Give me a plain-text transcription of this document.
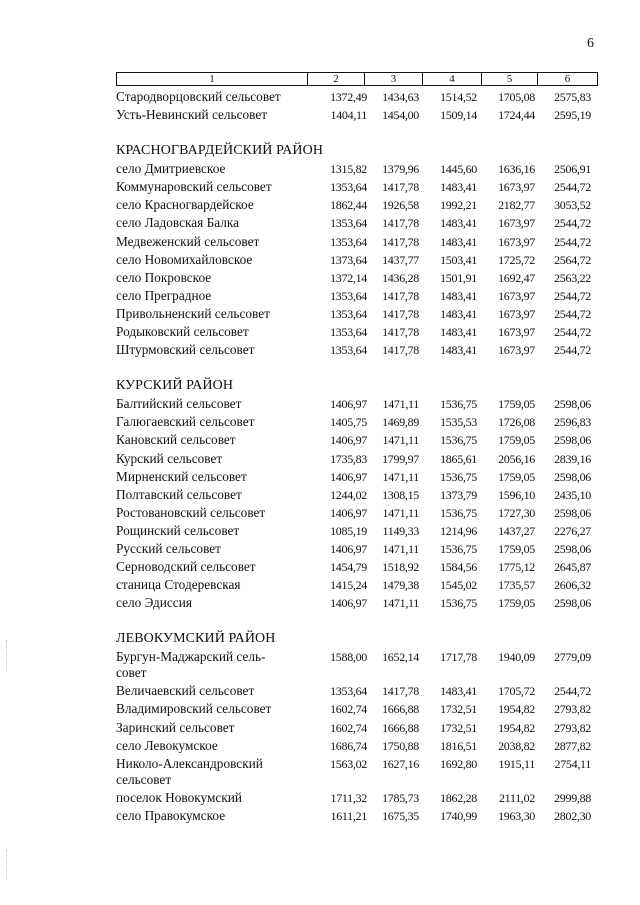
6
1	2	3	4	5	6
Стародворцовский сельсовет	1372,49	1434,63	1514,52	1705,08	2575,83
Усть-Невинский сельсовет	1404,11	1454,00	1509,14	1724,44	2595,19
КРАСНОГВАРДЕЙСКИЙ РАЙОН
село Дмитриевское	1315,82	1379,96	1445,60	1636,16	2506,91
Коммунаровский сельсовет	1353,64	1417,78	1483,41	1673,97	2544,72
село Красногвардейское	1862,44	1926,58	1992,21	2182,77	3053,52
село Ладовская Балка	1353,64	1417,78	1483,41	1673,97	2544,72
Медвеженский сельсовет	1353,64	1417,78	1483,41	1673,97	2544,72
село Новомихайловское	1373,64	1437,77	1503,41	1725,72	2564,72
село Покровское	1372,14	1436,28	1501,91	1692,47	2563,22
село Преградное	1353,64	1417,78	1483,41	1673,97	2544,72
Привольненский сельсовет	1353,64	1417,78	1483,41	1673,97	2544,72
Родыковский сельсовет	1353,64	1417,78	1483,41	1673,97	2544,72
Штурмовский сельсовет	1353,64	1417,78	1483,41	1673,97	2544,72
КУРСКИЙ РАЙОН
Балтийский сельсовет	1406,97	1471,11	1536,75	1759,05	2598,06
Галюгаевский сельсовет	1405,75	1469,89	1535,53	1726,08	2596,83
Кановский сельсовет	1406,97	1471,11	1536,75	1759,05	2598,06
Курский сельсовет	1735,83	1799,97	1865,61	2056,16	2839,16
Мирненский сельсовет	1406,97	1471,11	1536,75	1759,05	2598,06
Полтавский сельсовет	1244,02	1308,15	1373,79	1596,10	2435,10
Ростовановский сельсовет	1406,97	1471,11	1536,75	1727,30	2598,06
Рощинский сельсовет	1085,19	1149,33	1214,96	1437,27	2276,27
Русский сельсовет	1406,97	1471,11	1536,75	1759,05	2598,06
Серноводский сельсовет	1454,79	1518,92	1584,56	1775,12	2645,87
станица Стодеревская	1415,24	1479,38	1545,02	1735,57	2606,32
село Эдиссия	1406,97	1471,11	1536,75	1759,05	2598,06
ЛЕВОКУМСКИЙ РАЙОН
Бургун-Маджарский сель-
совет
1588,00	1652,14	1717,78	1940,09	2779,09
Величаевский сельсовет	1353,64	1417,78	1483,41	1705,72	2544,72
Владимировский сельсовет	1602,74	1666,88	1732,51	1954,82	2793,82
Заринский сельсовет	1602,74	1666,88	1732,51	1954,82	2793,82
село Левокумское	1686,74	1750,88	1816,51	2038,82	2877,82
Николо-Александровский
сельсовет
1563,02	1627,16	1692,80	1915,11	2754,11
поселок Новокумский	1711,32	1785,73	1862,28	2111,02	2999,88
село Правокумское	1611,21	1675,35	1740,99	1963,30	2802,30
